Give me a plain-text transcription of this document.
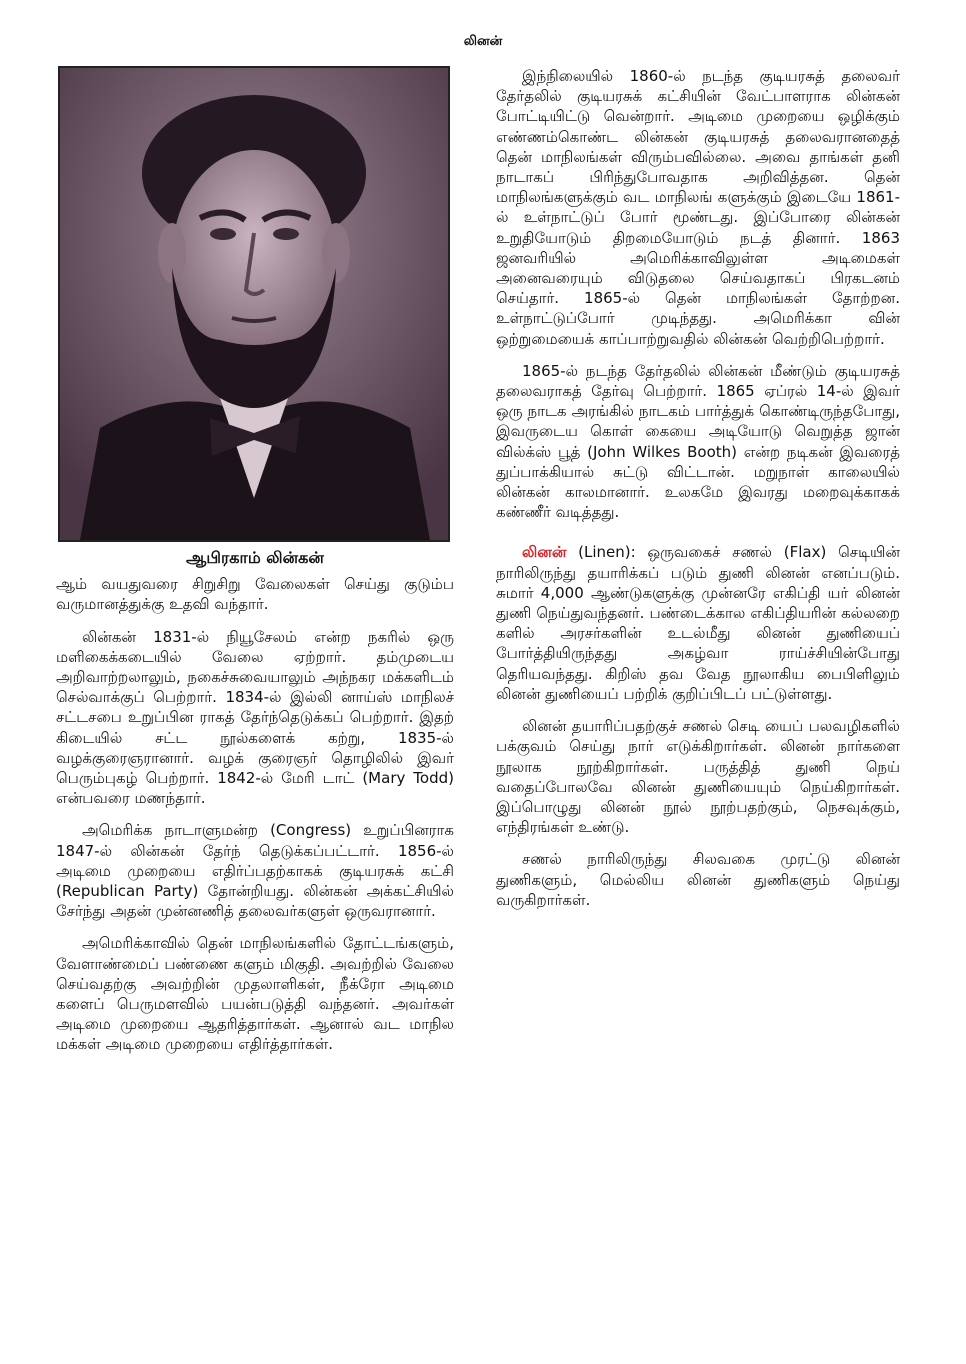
லினன்
ஆபிரகாம் லின்கன்

ஆம் வயதுவரை சிறுசிறு வேலைகள் செய்து குடும்ப வருமானத்துக்கு உதவி வந்தார்.

லின்கன் 1831-ல் நியூசேலம் என்ற நகரில் ஒரு மளிகைக்கடையில் வேலை ஏற்றார். தம்முடைய அறிவாற்றலாலும், நகைச்சுவையாலும் அந்நகர மக்களிடம் செல்வாக்குப் பெற்றார். 1834-ல் இல்லி னாய்ஸ் மாநிலச் சட்டசபை உறுப்பின ராகத் தேர்ந்தெடுக்கப் பெற்றார். இதற் கிடையில் சட்ட நூல்களைக் கற்று, 1835-ல் வழக்குரைஞரானார். வழக் குரைஞர் தொழிலில் இவர் பெரும்புகழ் பெற்றார். 1842-ல் மேரி டாட் (Mary Todd) என்பவரை மணந்தார்.

அமெரிக்க நாடாளுமன்ற (Congress) உறுப்பினராக 1847-ல் லின்கன் தேர்ந் தெடுக்கப்பட்டார். 1856-ல் அடிமை முறையை எதிர்ப்பதற்காகக் குடியரசுக் கட்சி (Republican Party) தோன்றியது. லின்கன் அக்கட்சியில் சேர்ந்து அதன் முன்னணித் தலைவர்களுள் ஒருவரானார்.

அமெரிக்காவில் தென் மாநிலங்களில் தோட்டங்களும், வேளாண்மைப் பண்ணை களும் மிகுதி. அவற்றில் வேலை செய்வதற்கு அவற்றின் முதலாளிகள், நீக்ரோ அடிமை களைப் பெருமளவில் பயன்படுத்தி வந்தனர். அவர்கள் அடிமை முறையை ஆதரித்தார்கள். ஆனால் வட மாநில மக்கள் அடிமை முறையை எதிர்த்தார்கள்.

இந்நிலையில் 1860-ல் நடந்த குடியரசுத் தலைவர் தேர்தலில் குடியரசுக் கட்சியின் வேட்பாளராக லின்கன் போட்டியிட்டு வென்றார். அடிமை முறையை ஒழிக்கும் எண்ணம்கொண்ட லின்கன் குடியரசுத் தலைவரானதைத் தென் மாநிலங்கள் விரும்பவில்லை. அவை தாங்கள் தனி நாடாகப் பிரிந்துபோவதாக அறிவித்தன. தென் மாநிலங்களுக்கும் வட மாநிலங் களுக்கும் இடையே 1861-ல் உள்நாட்டுப் போர் மூண்டது. இப்போரை லின்கன் உறுதியோடும் திறமையோடும் நடத் தினார். 1863 ஜனவரியில் அமெரிக்காவிலுள்ள அடிமைகள் அனைவரையும் விடுதலை செய்வதாகப் பிரகடனம் செய்தார். 1865-ல் தென் மாநிலங்கள் தோற்றன. உள்நாட்டுப்போர் முடிந்தது. அமெரிக்கா வின் ஒற்றுமையைக் காப்பாற்றுவதில் லின்கன் வெற்றிபெற்றார்.

1865-ல் நடந்த தேர்தலில் லின்கன் மீண்டும் குடியரசுத் தலைவராகத் தேர்வு பெற்றார். 1865 ஏப்ரல் 14-ல் இவர் ஒரு நாடக அரங்கில் நாடகம் பார்த்துக் கொண்டிருந்தபோது, இவருடைய கொள் கையை அடியோடு வெறுத்த ஜான் வில்க்ஸ் பூத் (John Wilkes Booth) என்ற நடிகன் இவரைத் துப்பாக்கியால் சுட்டு விட்டான். மறுநாள் காலையில் லின்கன் காலமானார். உலகமே இவரது மறைவுக்காகக் கண்ணீர் வடித்தது.

லினன் (Linen): ஒருவகைச் சணல் (Flax) செடியின் நாரிலிருந்து தயாரிக்கப் படும் துணி லினன் எனப்படும். சுமார் 4,000 ஆண்டுகளுக்கு முன்னரே எகிப்தி யர் லினன் துணி நெய்துவந்தனர். பண்டைக்கால எகிப்தியரின் கல்லறை களில் அரசர்களின் உடல்மீது லினன் துணியைப் போர்த்தியிருந்தது அகழ்வா ராய்ச்சியின்போது தெரியவந்தது. கிறிஸ் தவ வேத நூலாகிய பைபிளிலும் லினன் துணியைப் பற்றிக் குறிப்பிடப் பட்டுள்ளது.

லினன் தயாரிப்பதற்குச் சணல் செடி யைப் பலவழிகளில் பக்குவம் செய்து நார் எடுக்கிறார்கள். லினன் நார்களை நூலாக நூற்கிறார்கள். பருத்தித் துணி நெய் வதைப்போலவே லினன் துணியையும் நெய்கிறார்கள். இப்பொழுது லினன் நூல் நூற்பதற்கும், நெசவுக்கும், எந்திரங்கள் உண்டு.

சணல் நாரிலிருந்து சிலவகை முரட்டு லினன் துணிகளும், மெல்லிய லினன் துணிகளும் நெய்து வருகிறார்கள்.
